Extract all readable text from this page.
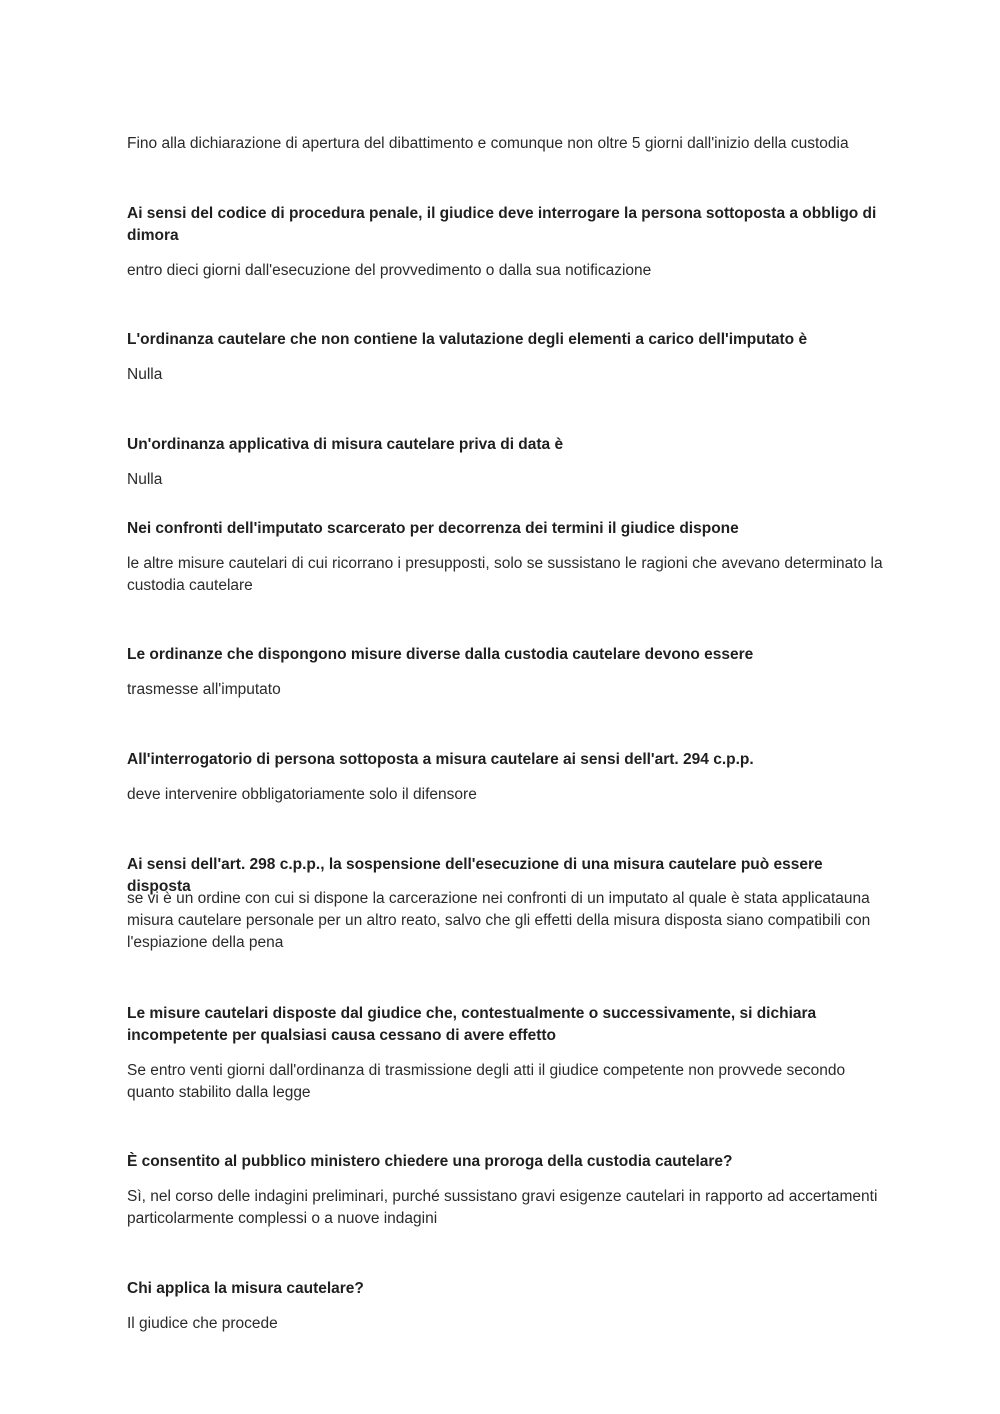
Fino alla dichiarazione di apertura del dibattimento e comunque non oltre 5 giorni dall'inizio della custodia

Ai sensi del codice di procedura penale, il giudice deve interrogare la persona sottoposta a obbligo di dimora

entro dieci giorni dall'esecuzione del provvedimento o dalla sua notificazione

L'ordinanza cautelare che non contiene la valutazione degli elementi a carico dell'imputato è

Nulla

Un'ordinanza applicativa di misura cautelare priva di data è

Nulla

Nei confronti dell'imputato scarcerato per decorrenza dei termini il giudice dispone

le altre misure cautelari di cui ricorrano i presupposti, solo se sussistano le ragioni che avevano determinato la custodia cautelare

Le ordinanze che dispongono misure diverse dalla custodia cautelare devono essere

trasmesse all'imputato

All'interrogatorio di persona sottoposta a misura cautelare ai sensi dell'art. 294 c.p.p.

deve intervenire obbligatoriamente solo il difensore

Ai sensi dell'art. 298 c.p.p., la sospensione dell'esecuzione di una misura cautelare può essere disposta

se vi è un ordine con cui si dispone la carcerazione nei confronti di un imputato al quale è stata applicatauna misura cautelare personale per un altro reato, salvo che gli effetti della misura disposta siano compatibili con l'espiazione della pena

Le misure cautelari disposte dal giudice che, contestualmente o successivamente, si dichiara incompetente per qualsiasi causa cessano di avere effetto

Se entro venti giorni dall'ordinanza di trasmissione degli atti il giudice competente non provvede secondo quanto stabilito dalla legge

È consentito al pubblico ministero chiedere una proroga della custodia cautelare?

Sì, nel corso delle indagini preliminari, purché sussistano gravi esigenze cautelari in rapporto ad accertamenti particolarmente complessi o a nuove indagini

Chi applica la misura cautelare?

Il giudice che procede
